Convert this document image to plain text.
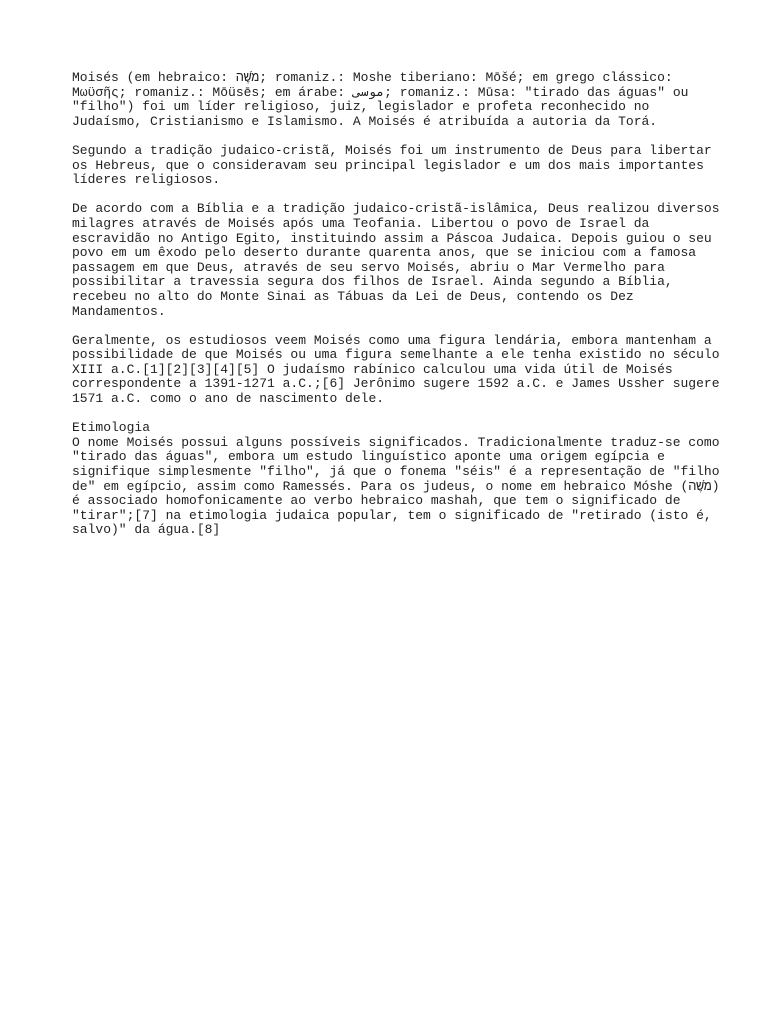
Moisés (em hebraico: מֹשֶׁה; romaniz.: Moshe tiberiano: Mōšé; em grego clássico:
Μωϋσῆς; romaniz.: Mōüsēs; em árabe: موسى; romaniz.: Mūsa: "tirado das águas" ou
"filho") foi um líder religioso, juiz, legislador e profeta reconhecido no
Judaísmo, Cristianismo e Islamismo. A Moisés é atribuída a autoria da Torá.

Segundo a tradição judaico-cristã, Moisés foi um instrumento de Deus para libertar
os Hebreus, que o consideravam seu principal legislador e um dos mais importantes
líderes religiosos.

De acordo com a Bíblia e a tradição judaico-cristã-islâmica, Deus realizou diversos
milagres através de Moisés após uma Teofania. Libertou o povo de Israel da
escravidão no Antigo Egito, instituindo assim a Páscoa Judaica. Depois guiou o seu
povo em um êxodo pelo deserto durante quarenta anos, que se iniciou com a famosa
passagem em que Deus, através de seu servo Moisés, abriu o Mar Vermelho para
possibilitar a travessia segura dos filhos de Israel. Ainda segundo a Bíblia,
recebeu no alto do Monte Sinai as Tábuas da Lei de Deus, contendo os Dez
Mandamentos.

Geralmente, os estudiosos veem Moisés como uma figura lendária, embora mantenham a
possibilidade de que Moisés ou uma figura semelhante a ele tenha existido no século
XIII a.C.[1][2][3][4][5] O judaísmo rabínico calculou uma vida útil de Moisés
correspondente a 1391-1271 a.C.;[6] Jerônimo sugere 1592 a.C. e James Ussher sugere
1571 a.C. como o ano de nascimento dele.

Etimologia

O nome Moisés possui alguns possíveis significados. Tradicionalmente traduz-se como
"tirado das águas", embora um estudo linguístico aponte uma origem egípcia e
signifique simplesmente "filho", já que o fonema "séis" é a representação de "filho
de" em egípcio, assim como Ramessés. Para os judeus, o nome em hebraico Móshe (מֹשֶׁה)
é associado homofonicamente ao verbo hebraico mashah, que tem o significado de
"tirar";[7] na etimologia judaica popular, tem o significado de "retirado (isto é,
salvo)" da água.[8]
